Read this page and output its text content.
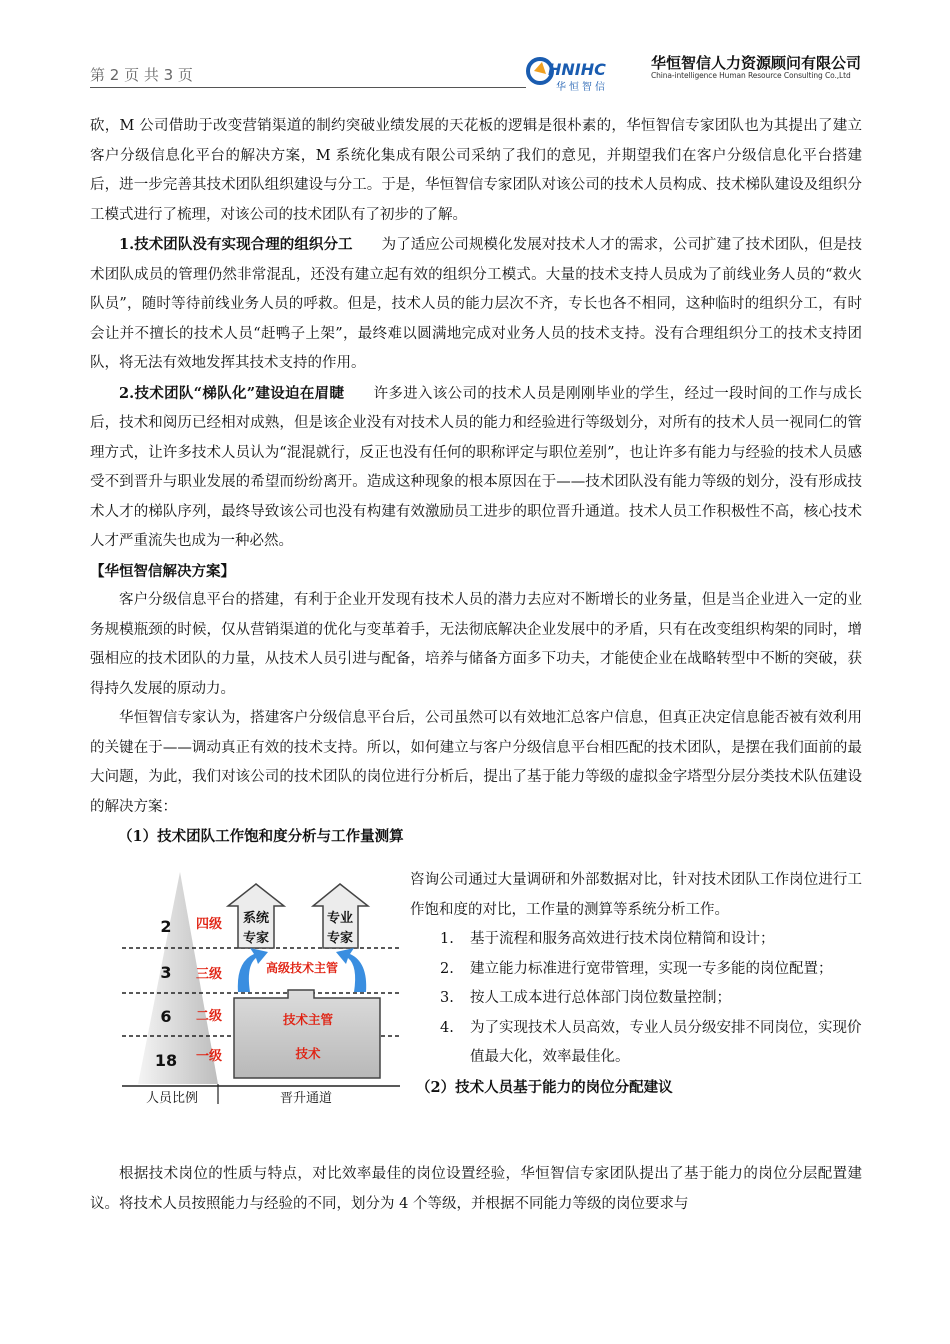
第 2 页 共 3 页	HNIHC
华恒智信
华恒智信人力资源顾问有限公司
China-intelligence Human Resource Consulting Co.,Ltd

砍，M 公司借助于改变营销渠道的制约突破业绩发展的天花板的逻辑是很朴素的，华恒智信专家团队也为其提出了建立客户分级信息化平台的解决方案，M 系统化集成有限公司采纳了我们的意见，并期望我们在客户分级信息化平台搭建后，进一步完善其技术团队组织建设与分工。于是，华恒智信专家团队对该公司的技术人员构成、技术梯队建设及组织分工模式进行了梳理，对该公司的技术团队有了初步的了解。

1.技术团队没有实现合理的组织分工   为了适应公司规模化发展对技术人才的需求，公司扩建了技术团队，但是技术团队成员的管理仍然非常混乱，还没有建立起有效的组织分工模式。大量的技术支持人员成为了前线业务人员的“救火队员”，随时等待前线业务人员的呼救。但是，技术人员的能力层次不齐，专长也各不相同，这种临时的组织分工，有时会让并不擅长的技术人员“赶鸭子上架”，最终难以圆满地完成对业务人员的技术支持。没有合理组织分工的技术支持团队，将无法有效地发挥其技术支持的作用。

2.技术团队“梯队化”建设迫在眉睫   许多进入该公司的技术人员是刚刚毕业的学生，经过一段时间的工作与成长后，技术和阅历已经相对成熟，但是该企业没有对技术人员的能力和经验进行等级划分，对所有的技术人员一视同仁的管理方式，让许多技术人员认为“混混就行，反正也没有任何的职称评定与职位差别”，也让许多有能力与经验的技术人员感受不到晋升与职业发展的希望而纷纷离开。造成这种现象的根本原因在于——技术团队没有能力等级的划分，没有形成技术人才的梯队序列，最终导致该公司也没有构建有效激励员工进步的职位晋升通道。技术人员工作积极性不高，核心技术人才严重流失也成为一种必然。

【华恒智信解决方案】

客户分级信息平台的搭建，有利于企业开发现有技术人员的潜力去应对不断增长的业务量，但是当企业进入一定的业务规模瓶颈的时候，仅从营销渠道的优化与变革着手，无法彻底解决企业发展中的矛盾，只有在改变组织构架的同时，增强相应的技术团队的力量，从技术人员引进与配备，培养与储备方面多下功夫，才能使企业在战略转型中不断的突破，获得持久发展的原动力。

华恒智信专家认为，搭建客户分级信息平台后，公司虽然可以有效地汇总客户信息，但真正决定信息能否被有效利用的关键在于——调动真正有效的技术支持。所以，如何建立与客户分级信息平台相匹配的技术团队，是摆在我们面前的最大问题，为此，我们对该公司的技术团队的岗位进行分析后，提出了基于能力等级的虚拟金字塔型分层分类技术队伍建设的解决方案：

（1）技术团队工作饱和度分析与工作量测算
2
3
6
18
四级
三级
二级
一级
系统
专家
专业
专家
高级技术主管
技术主管
技术
人员比例	晋升通道

咨询公司通过大量调研和外部数据对比，针对技术团队工作岗位进行工作饱和度的对比，工作量的测算等系统分析工作。

1. 基于流程和服务高效进行技术岗位精简和设计；
2. 建立能力标准进行宽带管理，实现一专多能的岗位配置；
3. 按人工成本进行总体部门岗位数量控制；
4. 为了实现技术人员高效，专业人员分级安排不同岗位，实现价值最大化，效率最佳化。
（2）技术人员基于能力的岗位分配建议

根据技术岗位的性质与特点，对比效率最佳的岗位设置经验，华恒智信专家团队提出了基于能力的岗位分层配置建议。将技术人员按照能力与经验的不同，划分为 4 个等级，并根据不同能力等级的岗位要求与
